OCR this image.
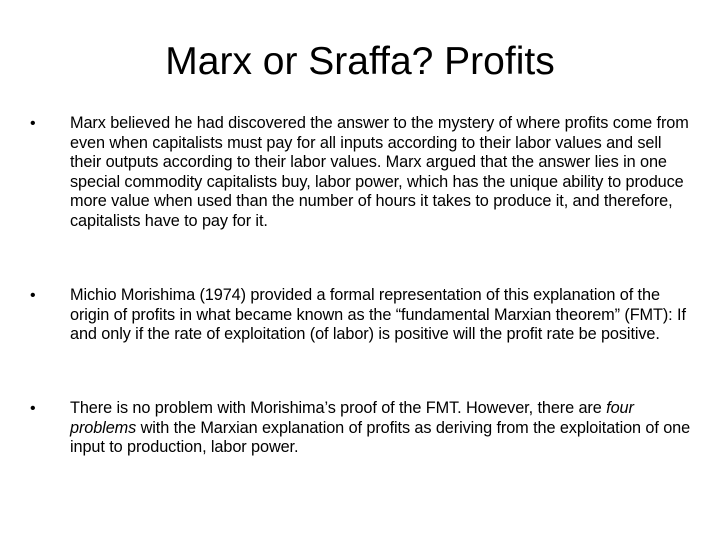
Marx or Sraffa? Profits
• Marx believed he had discovered the answer to the mystery of where profits come from even when capitalists must pay for all inputs according to their labor values and sell their outputs according to their labor values. Marx argued that the answer lies in one special commodity capitalists buy, labor power, which has the unique ability to produce more value when used than the number of hours it takes to produce it, and therefore, capitalists have to pay for it.
• Michio Morishima (1974) provided a formal representation of this explanation of the origin of profits in what became known as the “fundamental Marxian theorem” (FMT): If and only if the rate of exploitation (of labor) is positive will the profit rate be positive.
• There is no problem with Morishima’s proof of the FMT. However, there are four problems with the Marxian explanation of profits as deriving from the exploitation of one input to production, labor power.
